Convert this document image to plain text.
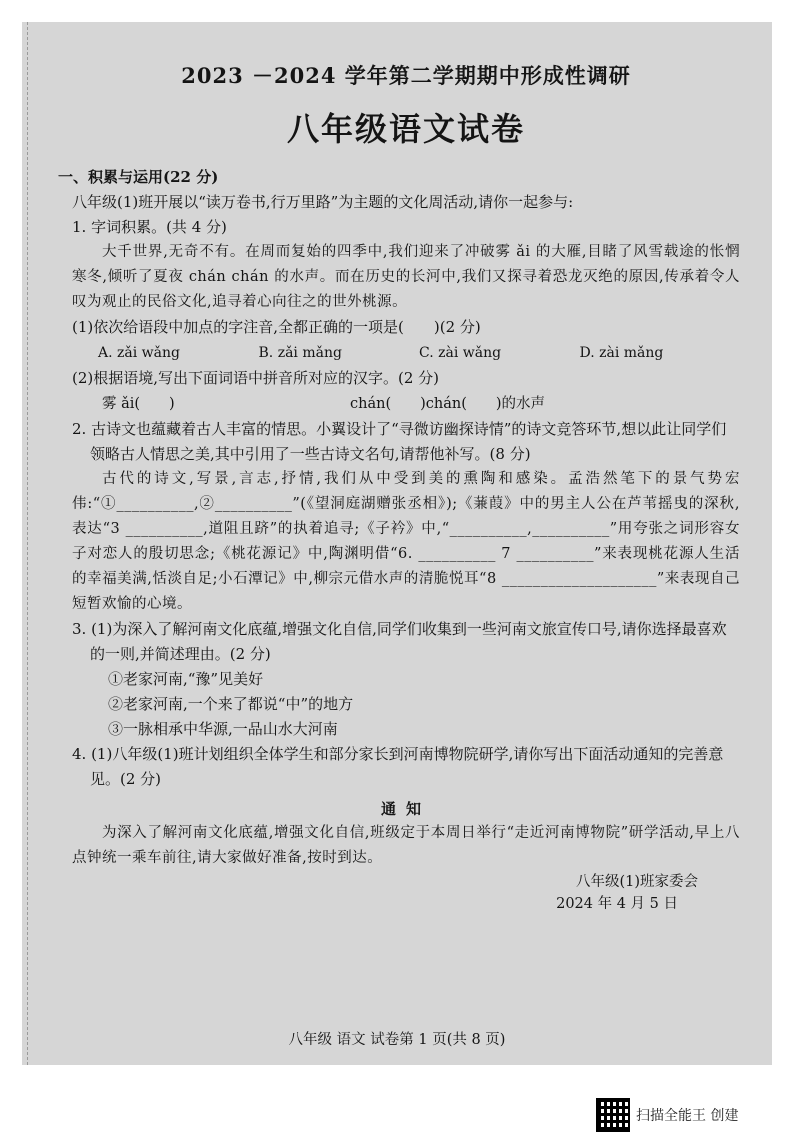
2023 －2024 学年第二学期期中形成性调研
八年级语文试卷
一、积累与运用(22 分)

八年级(1)班开展以“读万卷书,行万里路”为主题的文化周活动,请你一起参与:

1. 字词积累。(共 4 分)

大千世界,无奇不有。在周而复始的四季中,我们迎来了冲破雾 ǎi 的大雁,目睹了风雪载途的怅惘寒冬,倾听了夏夜 chán chán 的水声。而在历史的长河中,我们又探寻着恐龙灭绝的原因,传承着令人叹为观止的民俗文化,追寻着心向往之的世外桃源。

(1)依次给语段中加点的字注音,全都正确的一项是(　　)(2 分)

A. zǎi wǎng	B. zǎi mǎng	C. zài wǎng	D. zài mǎng

(2)根据语境,写出下面词语中拼音所对应的汉字。(2 分)

雾 ǎi(　　)	chán(　　)chán(　　)的水声

2. 古诗文也蕴藏着古人丰富的情思。小翼设计了“寻微访幽探诗情”的诗文竞答环节,想以此让同学们领略古人情思之美,其中引用了一些古诗文名句,请帮他补写。(8 分)

古代的诗文,写景,言志,抒情,我们从中受到美的熏陶和感染。孟浩然笔下的景气势宏伟:“①__________,②__________”(《望洞庭湖赠张丞相》);《蒹葭》中的男主人公在芦苇摇曳的深秋,表达“3 __________,道阻且跻”的执着追寻;《子衿》中,“__________,__________”用夸张之词形容女子对恋人的殷切思念;《桃花源记》中,陶渊明借“6. __________ 7 __________”来表现桃花源人生活的幸福美满,恬淡自足;小石潭记》中,柳宗元借水声的清脆悦耳“8 ____________________”来表现自己短暂欢愉的心境。

3. (1)为深入了解河南文化底蕴,增强文化自信,同学们收集到一些河南文旅宣传口号,请你选择最喜欢的一则,并简述理由。(2 分)

①老家河南,“豫”见美好

②老家河南,一个来了都说“中”的地方

③一脉相承中华源,一品山水大河南

4. (1)八年级(1)班计划组织全体学生和部分家长到河南博物院研学,请你写出下面活动通知的完善意见。(2 分)

通知

为深入了解河南文化底蕴,增强文化自信,班级定于本周日举行“走近河南博物院”研学活动,早上八点钟统一乘车前往,请大家做好准备,按时到达。

八年级(1)班家委会
2024 年 4 月 5 日
八年级 语文 试卷第 1 页(共 8 页)
扫描全能王 创建
